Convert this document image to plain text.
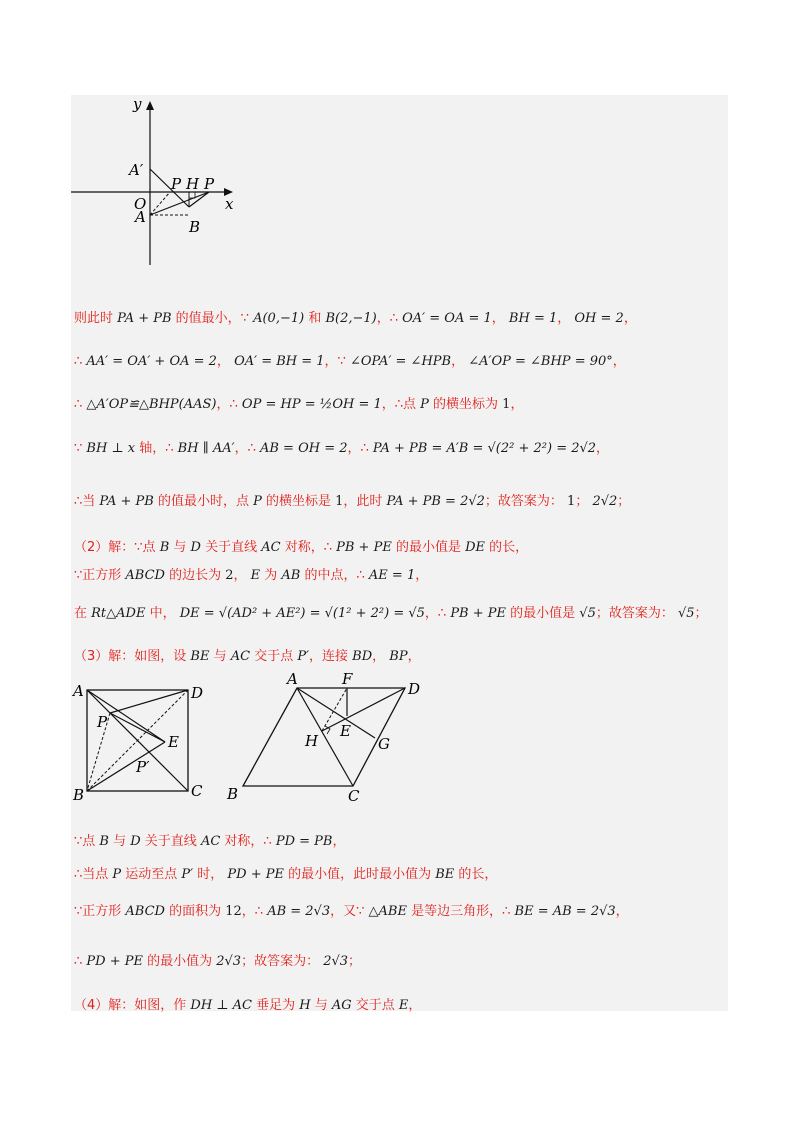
y
x
O
A′
A
B
P H P
则此时 PA + PB 的值最小，∵ A(0,−1) 和 B(2,−1)，∴ OA′ = OA = 1， BH = 1， OH = 2，
∴ AA′ = OA′ + OA = 2， OA′ = BH = 1，∵ ∠OPA′ = ∠HPB， ∠A′OP = ∠BHP = 90°，
∴ △A′OP≌△BHP(AAS)，∴ OP = HP = ½OH = 1，∴点 P 的横坐标为 1，
∵ BH ⊥ x 轴，∴ BH ∥ AA′，∴ AB = OH = 2，∴ PA + PB = A′B = √(2² + 2²) = 2√2，
∴当 PA + PB 的值最小时，点 P 的横坐标是 1，此时 PA + PB = 2√2；故答案为： 1； 2√2；
（2）解：∵点 B 与 D 关于直线 AC 对称，∴ PB + PE 的最小值是 DE 的长，
∵正方形 ABCD 的边长为 2， E 为 AB 的中点，∴ AE = 1，
在 Rt△ADE 中， DE = √(AD² + AE²) = √(1² + 2²) = √5，∴ PB + PE 的最小值是 √5；故答案为： √5；
（3）解：如图，设 BE 与 AC 交于点 P′，连接 BD， BP，
∵点 B 与 D 关于直线 AC 对称，∴ PD = PB，
∴当点 P 运动至点 P′ 时， PD + PE 的最小值，此时最小值为 BE 的长，
∵正方形 ABCD 的面积为 12，∴ AB = 2√3，又∵ △ABE 是等边三角形，∴ BE = AB = 2√3，
∴ PD + PE 的最小值为 2√3；故答案为： 2√3；
（4）解：如图，作 DH ⊥ AC 垂足为 H 与 AG 交于点 E，
A	D
B	C
P
E
P′
A	F
D
E
H	G
B	C
